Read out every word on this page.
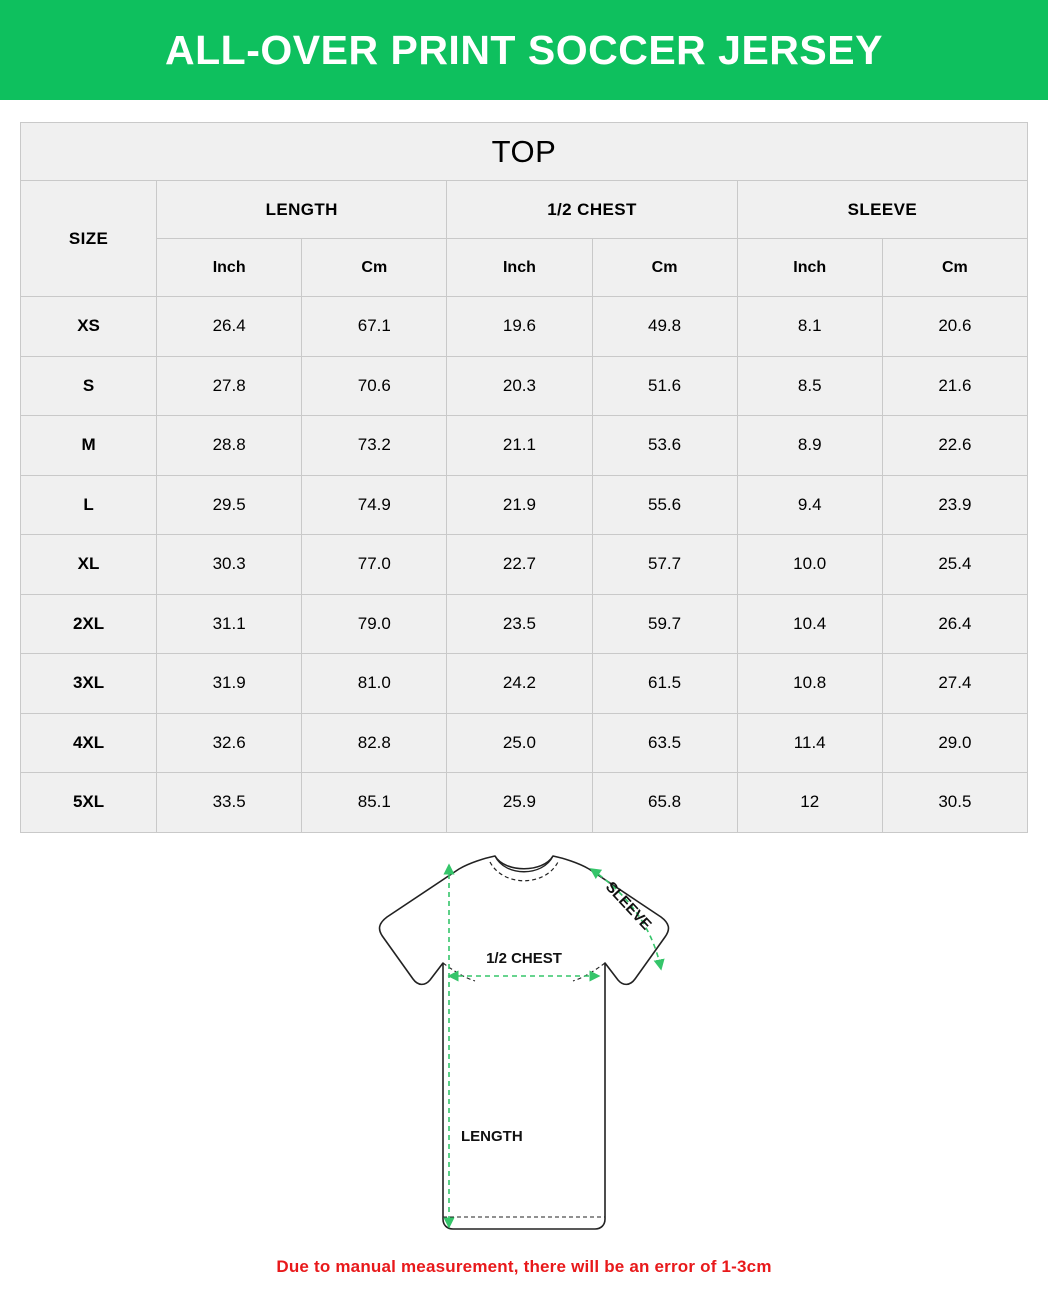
ALL-OVER PRINT SOCCER JERSEY
TOP						
SIZE	LENGTH		1/2 CHEST		SLEEVE	
	Inch	Cm	Inch	Cm	Inch	Cm
XS	26.4	67.1	19.6	49.8	8.1	20.6
S	27.8	70.6	20.3	51.6	8.5	21.6
M	28.8	73.2	21.1	53.6	8.9	22.6
L	29.5	74.9	21.9	55.6	9.4	23.9
XL	30.3	77.0	22.7	57.7	10.0	25.4
2XL	31.1	79.0	23.5	59.7	10.4	26.4
3XL	31.9	81.0	24.2	61.5	10.8	27.4
4XL	32.6	82.8	25.0	63.5	11.4	29.0
5XL	33.5	85.1	25.9	65.8	12	30.5
SLEEVE
1/2 CHEST
LENGTH
Due to manual measurement, there will be an error of 1-3cm
